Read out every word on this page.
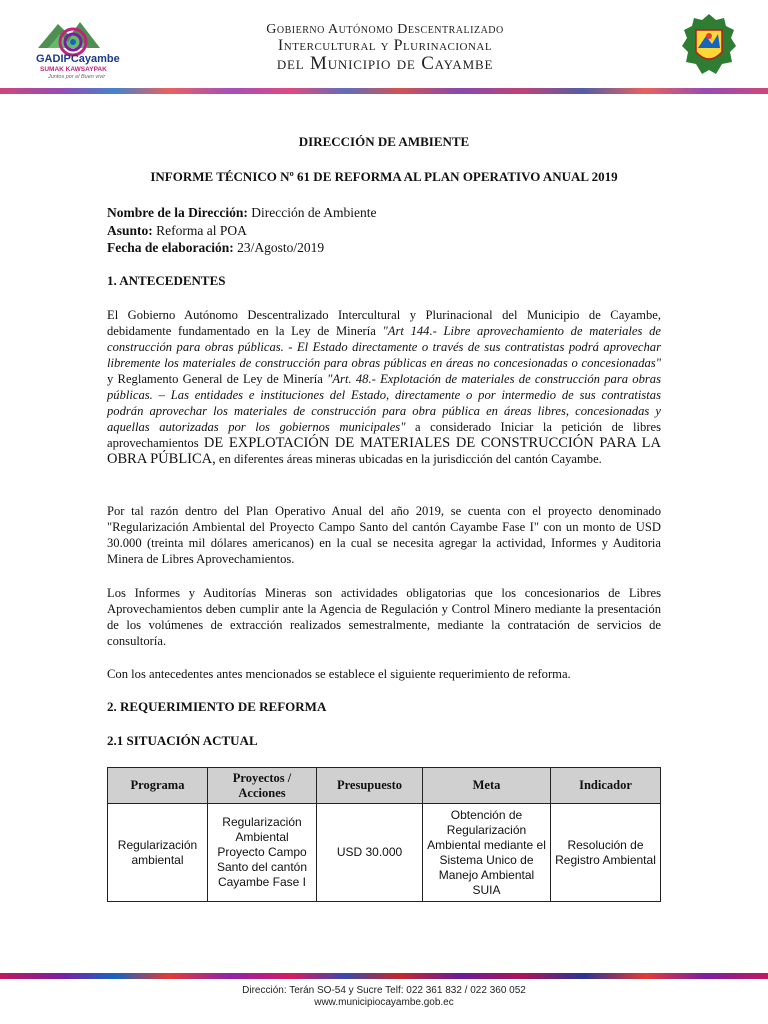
GADIPCayambe
SUMAK KAWSAYPAK
Juntos por el Buen vivir
Gobierno Autónomo Descentralizado
Intercultural y Plurinacional
del Municipio de Cayambe
DIRECCIÓN DE AMBIENTE
INFORME TÉCNICO Nº 61 DE REFORMA AL PLAN OPERATIVO ANUAL 2019
Nombre de la Dirección: Dirección de Ambiente
Asunto: Reforma al POA
Fecha de elaboración: 23/Agosto/2019
1. ANTECEDENTES
El Gobierno Autónomo Descentralizado Intercultural y Plurinacional del Municipio de Cayambe, debidamente fundamentado en la Ley de Minería "Art 144.- Libre aprovechamiento de materiales de construcción para obras públicas. - El Estado directamente o través de sus contratistas podrá aprovechar libremente los materiales de construcción para obras públicas en áreas no concesionadas o concesionadas" y Reglamento General de Ley de Minería "Art. 48.- Explotación de materiales de construcción para obras públicas. – Las entidades e instituciones del Estado, directamente o por intermedio de sus contratistas podrán aprovechar los materiales de construcción para obra pública en áreas libres, concesionadas y aquellas autorizadas por los gobiernos municipales" a considerado Iniciar la petición de libres aprovechamientos DE EXPLOTACIÓN DE MATERIALES DE CONSTRUCCIÓN PARA LA OBRA PÚBLICA, en diferentes áreas mineras ubicadas en la jurisdicción del cantón Cayambe.
Por tal razón dentro del Plan Operativo Anual del año 2019, se cuenta con el proyecto denominado "Regularización Ambiental del Proyecto Campo Santo del cantón Cayambe Fase I" con un monto de USD 30.000 (treinta mil dólares americanos) en la cual se necesita agregar la actividad, Informes y Auditoria Minera de Libres Aprovechamientos.
Los Informes y Auditorías Mineras son actividades obligatorias que los concesionarios de Libres Aprovechamientos deben cumplir ante la Agencia de Regulación y Control Minero mediante la presentación de los volúmenes de extracción realizados semestralmente, mediante la contratación de servicios de consultoría.
Con los antecedentes antes mencionados se establece el siguiente requerimiento de reforma.
2. REQUERIMIENTO DE REFORMA
2.1 SITUACIÓN ACTUAL
Programa	Proyectos / Acciones	Presupuesto	Meta	Indicador
Regularización ambiental	Regularización Ambiental Proyecto Campo Santo del cantón Cayambe Fase I	USD 30.000	Obtención de Regularización Ambiental mediante el Sistema Unico de Manejo Ambiental SUIA	Resolución de Registro Ambiental
Dirección: Terán SO-54 y Sucre Telf: 022 361 832 / 022 360 052
www.municipiocayambe.gob.ec
